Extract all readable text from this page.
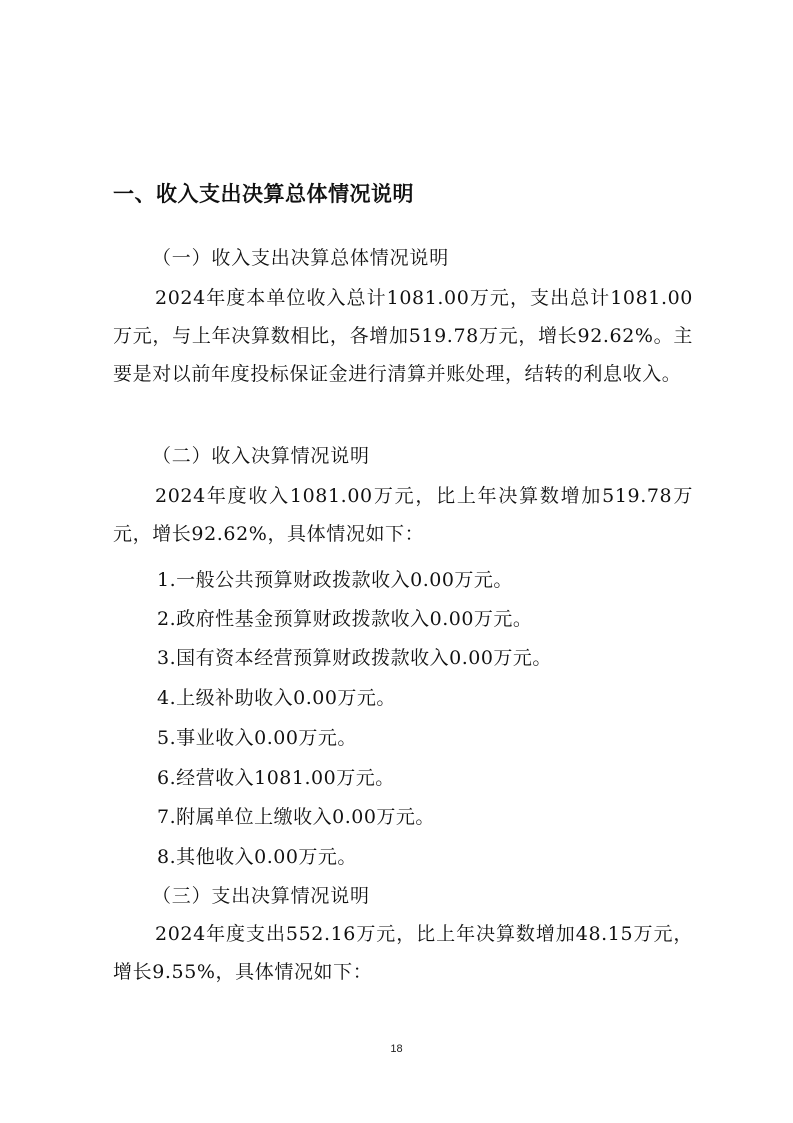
一、收入支出决算总体情况说明
（一）收入支出决算总体情况说明

2024年度本单位收入总计1081.00万元，支出总计1081.00万元，与上年决算数相比，各增加519.78万元，增长92.62%。主要是对以前年度投标保证金进行清算并账处理，结转的利息收入。

（二）收入决算情况说明

2024年度收入1081.00万元，比上年决算数增加519.78万元，增长92.62%，具体情况如下：

1.一般公共预算财政拨款收入0.00万元。
2.政府性基金预算财政拨款收入0.00万元。
3.国有资本经营预算财政拨款收入0.00万元。
4.上级补助收入0.00万元。
5.事业收入0.00万元。
6.经营收入1081.00万元。
7.附属单位上缴收入0.00万元。
8.其他收入0.00万元。
（三）支出决算情况说明

2024年度支出552.16万元，比上年决算数增加48.15万元，增长9.55%，具体情况如下：

18
